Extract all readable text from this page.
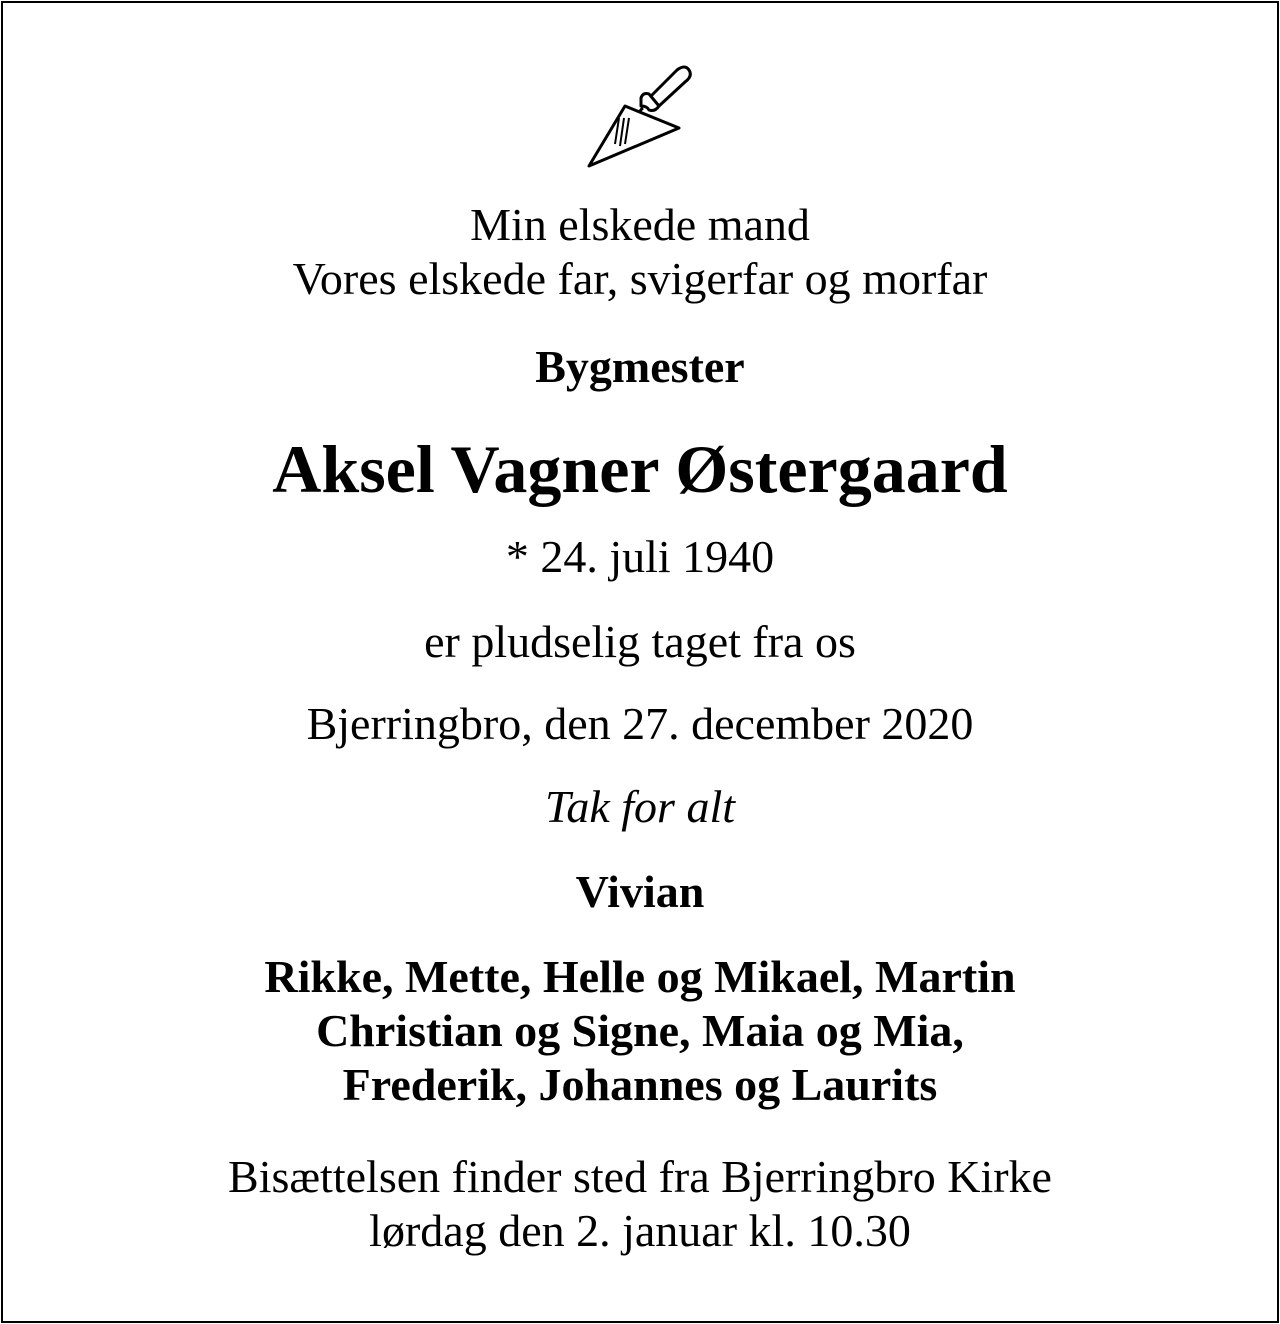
Min elskede mand
Vores elskede far, svigerfar og morfar
Bygmester
Aksel Vagner Østergaard
* 24. juli 1940
er pludselig taget fra os
Bjerringbro, den 27. december 2020
Tak for alt
Vivian
Rikke, Mette, Helle og Mikael, Martin
Christian og Signe, Maia og Mia,
Frederik, Johannes og Laurits
Bisættelsen finder sted fra Bjerringbro Kirke
lørdag den 2. januar kl. 10.30
